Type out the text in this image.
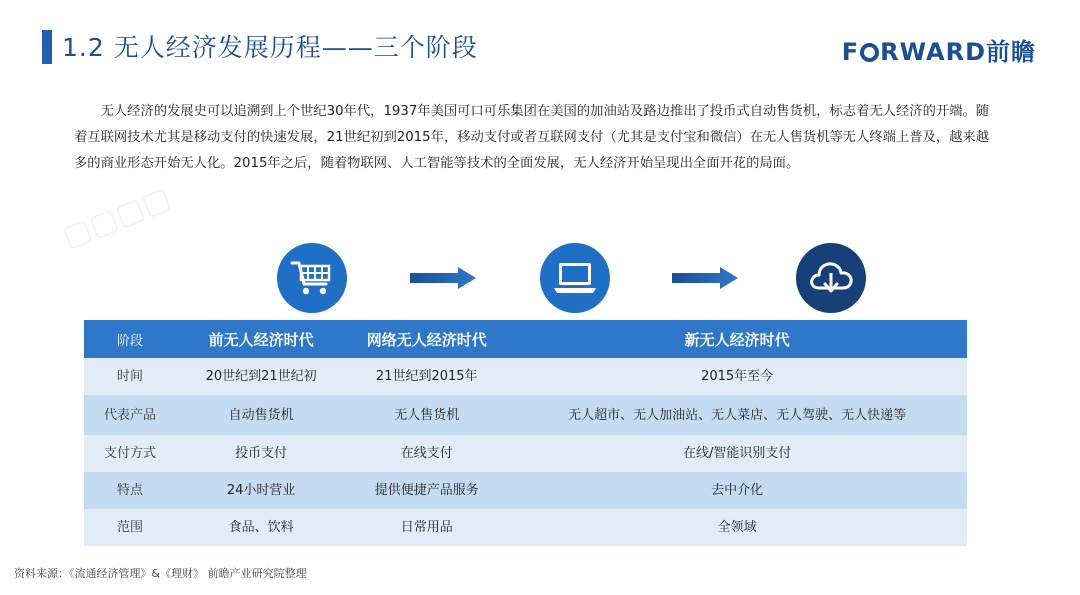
▢▢▢▢
1.2 无人经济发展历程——三个阶段	F RWARD前瞻

无人经济的发展史可以追溯到上个世纪30年代，1937年美国可口可乐集团在美国的加油站及路边推出了投币式自动售货机，标志着无人经济的开端。随着互联网技术尤其是移动支付的快速发展，21世纪初到2015年，移动支付或者互联网支付（尤其是支付宝和微信）在无人售货机等无人终端上普及，越来越多的商业形态开始无人化。2015年之后，随着物联网、人工智能等技术的全面发展，无人经济开始呈现出全面开花的局面。

阶段	前无人经济时代	网络无人经济时代	新无人经济时代
时间	20世纪到21世纪初	21世纪到2015年	2015年至今
代表产品	自动售货机	无人售货机	无人超市、无人加油站、无人菜店、无人驾驶、无人快递等
支付方式	投币支付	在线支付	在线/智能识别支付
特点	24小时营业	提供便捷产品服务	去中介化
范围	食品、饮料	日常用品	全领域
资料来源：《流通经济管理》&《理财》 前瞻产业研究院整理
